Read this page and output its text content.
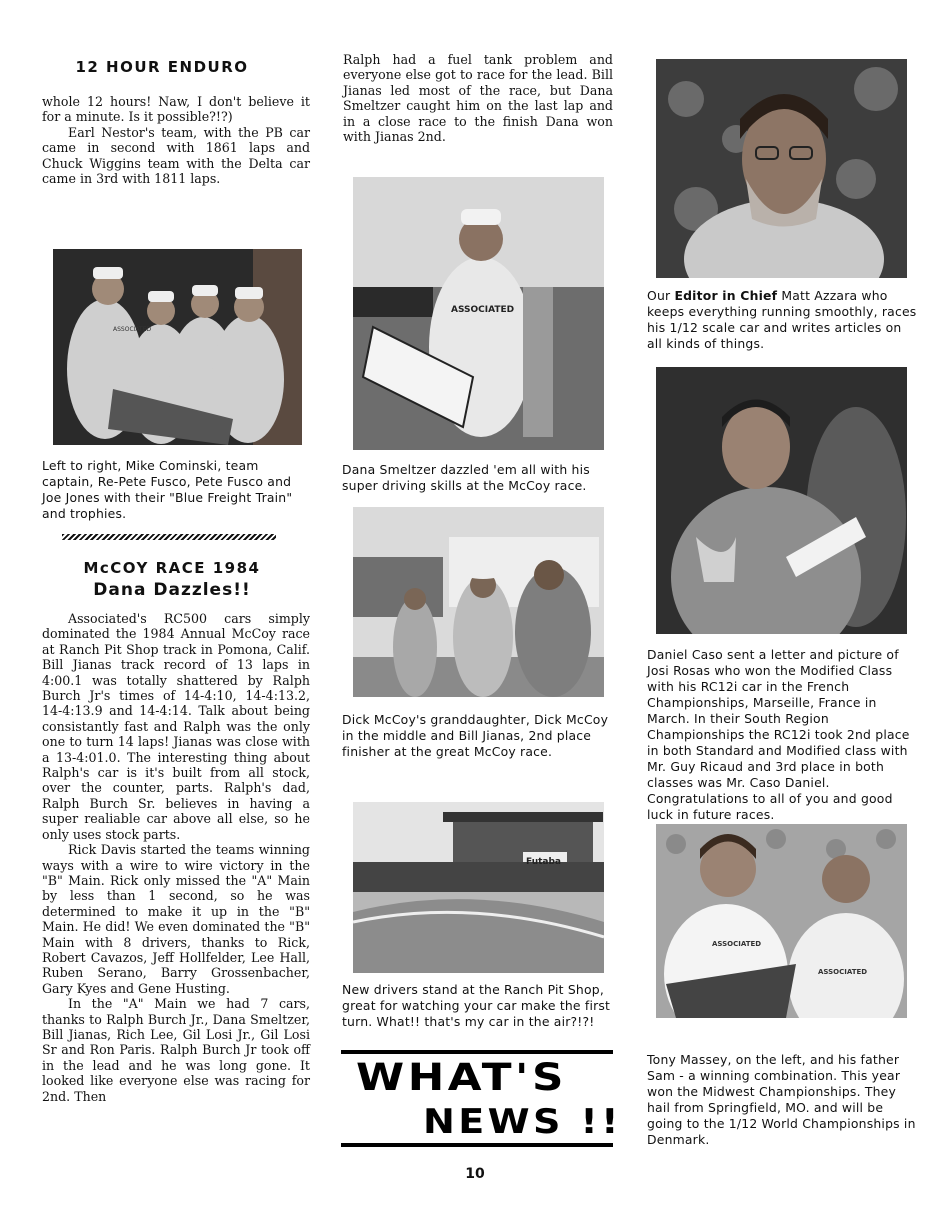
12 HOUR ENDURO

whole 12 hours! Naw, I don't believe it for a minute. Is it possible?!?)

Earl Nestor's team, with the PB car came in second with 1861 laps and Chuck Wiggins team with the Delta car came in 3rd with 1811 laps.

ASSOCIATED

Left to right, Mike Cominski, team captain, Re-Pete Fusco, Pete Fusco and Joe Jones with their "Blue Freight Train" and trophies.

McCOY RACE 1984
Dana Dazzles!!

Associated's RC500 cars simply dominated the 1984 Annual McCoy race at Ranch Pit Shop track in Pomona, Calif. Bill Jianas track record of 13 laps in 4:00.1 was totally shattered by Ralph Burch Jr's times of 14-4:10, 14-4:13.2, 14-4:13.9 and 14-4:14. Talk about being consistantly fast and Ralph was the only one to turn 14 laps! Jianas was close with a 13-4:01.0. The interesting thing about Ralph's car is it's built from all stock, over the counter, parts. Ralph's dad, Ralph Burch Sr. believes in having a super realiable car above all else, so he only uses stock parts.

Rick Davis started the teams winning ways with a wire to wire victory in the "B" Main. Rick only missed the "A" Main by less than 1 second, so he was determined to make it up in the "B" Main. He did! We even dominated the "B" Main with 8 drivers, thanks to Rick, Robert Cavazos, Jeff Hollfelder, Lee Hall, Ruben Serano, Barry Grossenbacher, Gary Kyes and Gene Husting.

In the "A" Main we had 7 cars, thanks to Ralph Burch Jr., Dana Smeltzer, Bill Jianas, Rich Lee, Gil Losi Jr., Gil Losi Sr and Ron Paris. Ralph Burch Jr took off in the lead and he was long gone. It looked like everyone else was racing for 2nd. Then

Ralph had a fuel tank problem and everyone else got to race for the lead. Bill Jianas led most of the race, but Dana Smeltzer caught him on the last lap and in a close race to the finish Dana won with Jianas 2nd.

ASSOCIATED

Dana Smeltzer dazzled 'em all with his super driving skills at the McCoy race.

Dick McCoy's granddaughter, Dick McCoy in the middle and Bill Jianas, 2nd place finisher at the great McCoy race.

Futaba

New drivers stand at the Ranch Pit Shop, great for watching your car make the first turn. What!! that's my car in the air?!?!

WHAT'S
NEWS !!

Our Editor in Chief Matt Azzara who keeps everything running smoothly, races his 1/12 scale car and writes articles on all kinds of things.

Daniel Caso sent a letter and picture of Josi Rosas who won the Modified Class with his RC12i car in the French Championships, Marseille, France in March. In their South Region Championships the RC12i took 2nd place in both Standard and Modified class with Mr. Guy Ricaud and 3rd place in both classes was Mr. Caso Daniel. Congratulations to all of you and good luck in future races.

ASSOCIATED
ASSOCIATED

Tony Massey, on the left, and his father Sam - a winning combination. This year won the Midwest Championships. They hail from Springfield, MO. and will be going to the 1/12 World Championships in Denmark.

10
